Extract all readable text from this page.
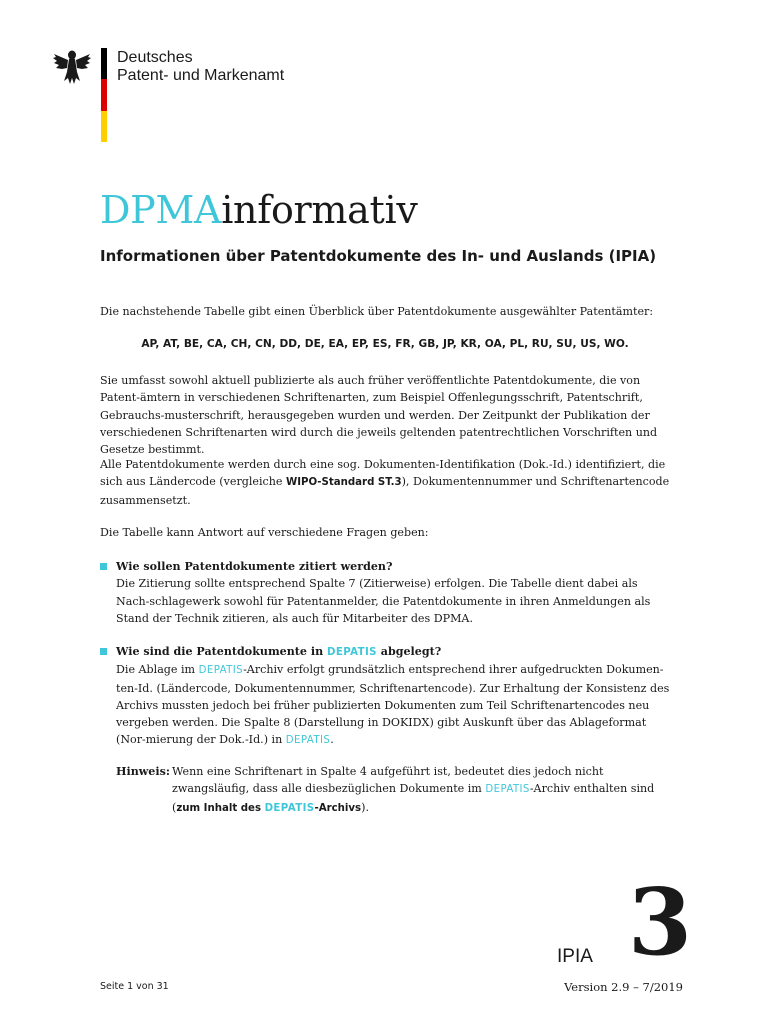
Deutsches
Patent- und Markenamt
DPMAinformativ
Informationen über Patentdokumente des In- und Auslands (IPIA)

Die nachstehende Tabelle gibt einen Überblick über Patentdokumente ausgewählter Patentämter:

AP, AT, BE, CA, CH, CN, DD, DE, EA, EP, ES, FR, GB, JP, KR, OA, PL, RU, SU, US, WO.

Sie umfasst sowohl aktuell publizierte als auch früher veröffentlichte Patentdokumente, die von Patent-ämtern in verschiedenen Schriftenarten, zum Beispiel Offenlegungsschrift, Patentschrift, Gebrauchs-musterschrift, herausgegeben wurden und werden. Der Zeitpunkt der Publikation der verschiedenen Schriftenarten wird durch die jeweils geltenden patentrechtlichen Vorschriften und Gesetze bestimmt.

Alle Patentdokumente werden durch eine sog. Dokumenten-Identifikation (Dok.-Id.) identifiziert, die sich aus Ländercode (vergleiche WIPO-Standard ST.3), Dokumentennummer und Schriftenartencode zusammensetzt.

Die Tabelle kann Antwort auf verschiedene Fragen geben:

Wie sollen Patentdokumente zitiert werden?
Die Zitierung sollte entsprechend Spalte 7 (Zitierweise) erfolgen. Die Tabelle dient dabei als Nach-schlagewerk sowohl für Patentanmelder, die Patentdokumente in ihren Anmeldungen als Stand der Technik zitieren, als auch für Mitarbeiter des DPMA.
Wie sind die Patentdokumente in DEPATIS abgelegt?
Die Ablage im DEPATIS-Archiv erfolgt grundsätzlich entsprechend ihrer aufgedruckten Dokumen-ten-Id. (Ländercode, Dokumentennummer, Schriftenartencode). Zur Erhaltung der Konsistenz des Archivs mussten jedoch bei früher publizierten Dokumenten zum Teil Schriftenartencodes neu vergeben werden. Die Spalte 8 (Darstellung in DOKIDX) gibt Auskunft über das Ablageformat (Nor-mierung der Dok.-Id.) in DEPATIS.
Hinweis: Wenn eine Schriftenart in Spalte 4 aufgeführt ist, bedeutet dies jedoch nicht zwangsläufig, dass alle diesbezüglichen Dokumente im DEPATIS-Archiv enthalten sind (zum Inhalt des DEPATIS-Archivs).
IPIA 3
Seite 1 von 31	Version 2.9 – 7/2019
